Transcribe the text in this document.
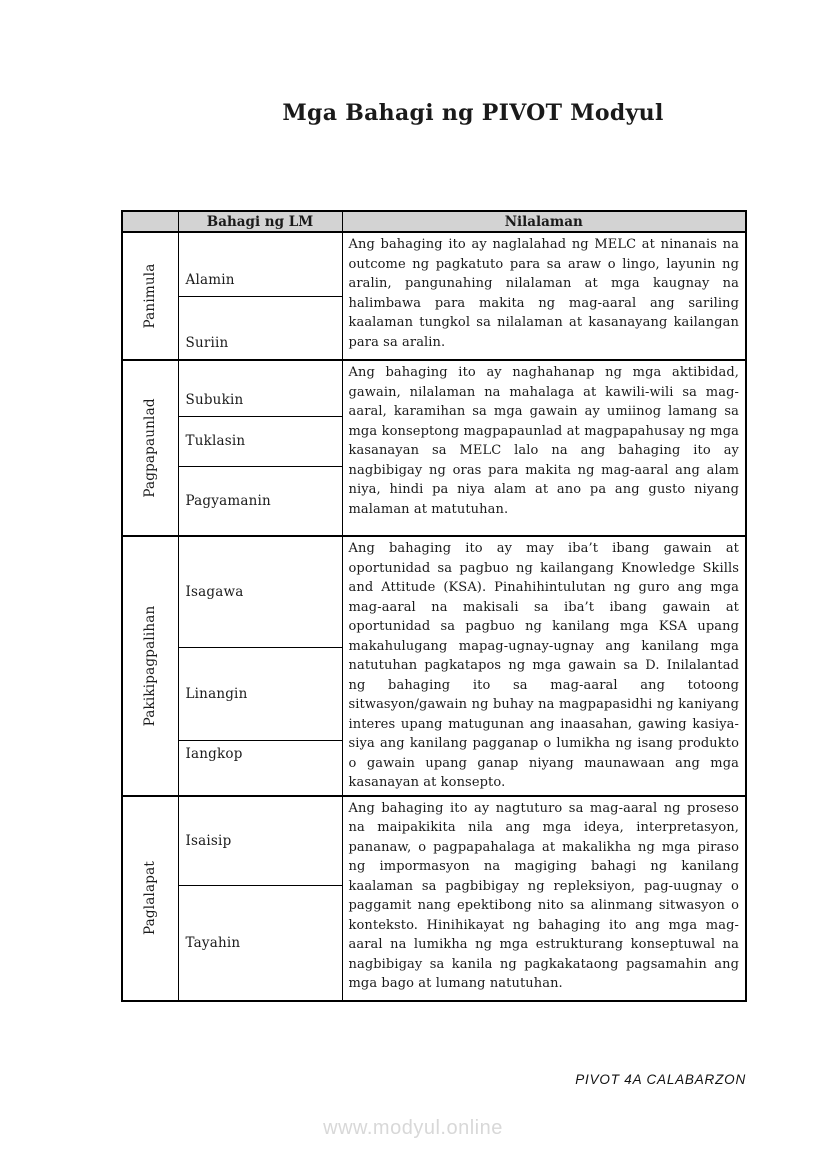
Mga Bahagi ng PIVOT Modyul
	Bahagi ng LM	Nilalaman

Panimula	Alamin	Ang bahaging ito ay naglalahad ng MELC at ninanais na outcome ng pagkatuto para sa araw o lingo, layunin ng aralin, pangunahing nilalaman at mga kaugnay na halimbawa para makita ng mag-aaral ang sariling kaalaman tungkol sa nilalaman at kasanayang kailangan para sa aralin.
	Suriin	

Pagpapaunlad	Subukin	Ang bahaging ito ay naghahanap ng mga aktibidad, gawain, nilalaman na mahalaga at kawili-wili sa mag-aaral, karamihan sa mga gawain ay umiinog lamang sa mga konseptong magpapaunlad at magpapahusay ng mga kasanayan sa MELC lalo na ang bahaging ito ay nagbibigay ng oras para makita ng mag-aaral ang alam niya, hindi pa niya alam at ano pa ang gusto niyang malaman at matutuhan.
	Tuklasin	
	Pagyamanin	

Pakikipagpalihan	Isagawa	Ang bahaging ito ay may iba’t ibang gawain at oportunidad sa pagbuo ng kailangang Knowledge Skills and Attitude (KSA). Pinahihintulutan ng guro ang mga mag-aaral na makisali sa iba’t ibang gawain at oportunidad sa pagbuo ng kanilang mga KSA upang makahulugang mapag-ugnay-ugnay ang kanilang mga natutuhan pagkatapos ng mga gawain sa D. Inilalantad ng bahaging ito sa mag-aaral ang totoong sitwasyon/gawain ng buhay na magpapasidhi ng kaniyang interes upang matugunan ang inaasahan, gawing kasiya-siya ang kanilang pagganap o lumikha ng isang produkto o gawain upang ganap niyang maunawaan ang mga kasanayan at konsepto.
	Linangin	
	Iangkop	

Paglalapat	Isaisip	Ang bahaging ito ay nagtuturo sa mag-aaral ng proseso na maipakikita nila ang mga ideya, interpretasyon, pananaw, o pagpapahalaga at makalikha ng mga piraso ng impormasyon na magiging bahagi ng kanilang kaalaman sa pagbibigay ng repleksiyon, pag-uugnay o paggamit nang epektibong nito sa alinmang sitwasyon o konteksto. Hinihikayat ng bahaging ito ang mga mag-aaral na lumikha ng mga estrukturang konseptuwal na nagbibigay sa kanila ng pagkakataong pagsamahin ang mga bago at lumang natutuhan.
	Tayahin	
PIVOT 4A CALABARZON
www.modyul.online
